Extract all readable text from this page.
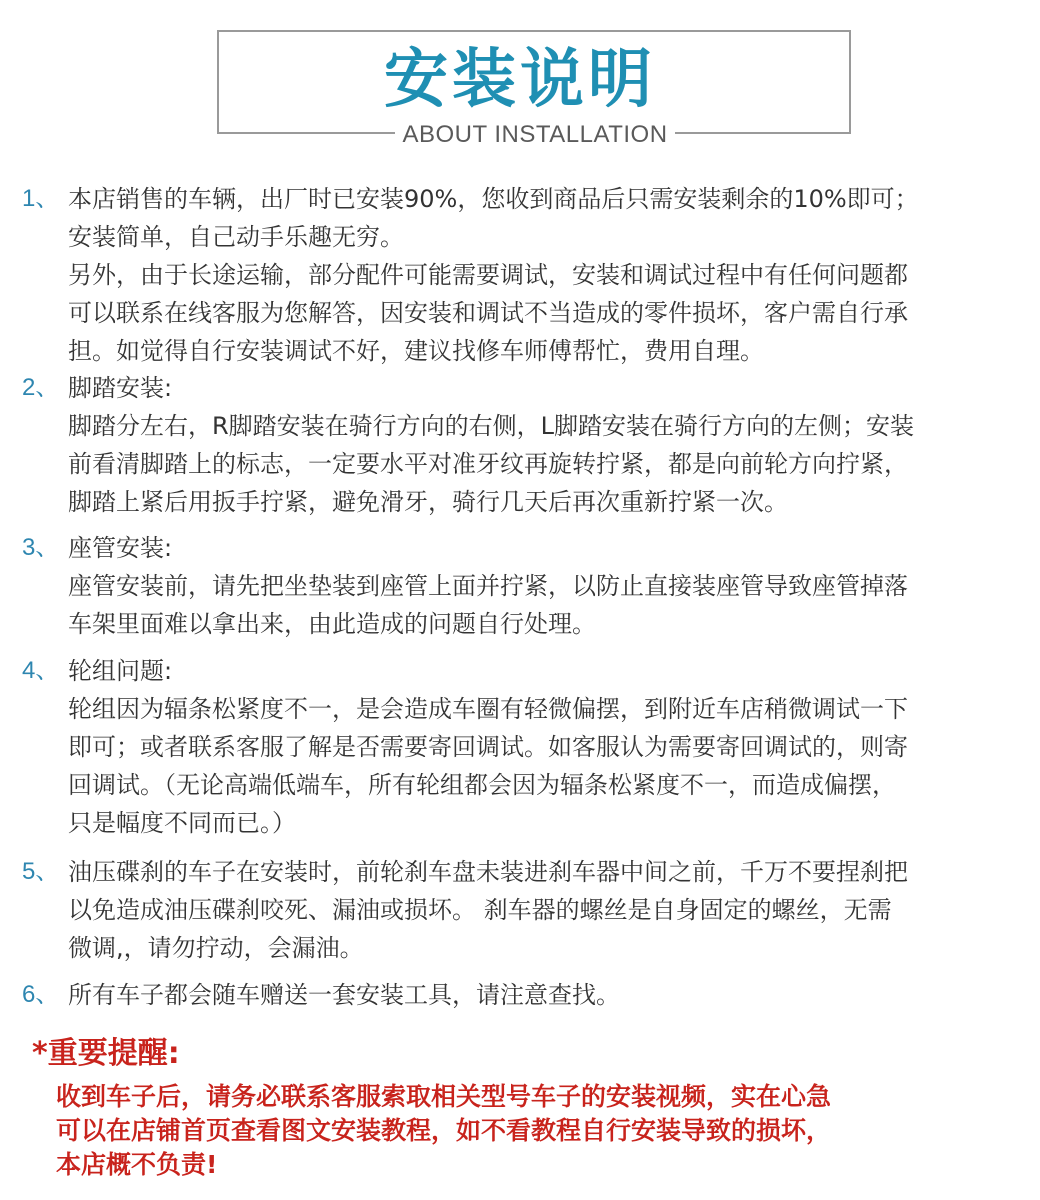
安装说明
ABOUT INSTALLATION
1、 本店销售的车辆，出厂时已安装90%，您收到商品后只需安装剩余的10%即可；
安装简单，自己动手乐趣无穷。
另外，由于长途运输，部分配件可能需要调试，安装和调试过程中有任何问题都
可以联系在线客服为您解答，因安装和调试不当造成的零件损坏，客户需自行承
担。如觉得自行安装调试不好，建议找修车师傅帮忙，费用自理。
2、 脚踏安装:
脚踏分左右，R脚踏安装在骑行方向的右侧，L脚踏安装在骑行方向的左侧；安装
前看清脚踏上的标志，一定要水平对准牙纹再旋转拧紧，都是向前轮方向拧紧，
脚踏上紧后用扳手拧紧，避免滑牙，骑行几天后再次重新拧紧一次。
3、 座管安装:
座管安装前，请先把坐垫装到座管上面并拧紧，以防止直接装座管导致座管掉落
车架里面难以拿出来，由此造成的问题自行处理。
4、 轮组问题:
轮组因为辐条松紧度不一，是会造成车圈有轻微偏摆，到附近车店稍微调试一下
即可；或者联系客服了解是否需要寄回调试。如客服认为需要寄回调试的，则寄
回调试。（无论高端低端车，所有轮组都会因为辐条松紧度不一，而造成偏摆，
只是幅度不同而已。）
5、 油压碟刹的车子在安装时，前轮刹车盘未装进刹车器中间之前，千万不要捏刹把
以免造成油压碟刹咬死、漏油或损坏。 刹车器的螺丝是自身固定的螺丝，无需
微调,，请勿拧动，会漏油。
6、 所有车子都会随车赠送一套安装工具，请注意查找。
*重要提醒:
收到车子后，请务必联系客服索取相关型号车子的安装视频，实在心急
可以在店铺首页查看图文安装教程，如不看教程自行安装导致的损坏，
本店概不负责!
